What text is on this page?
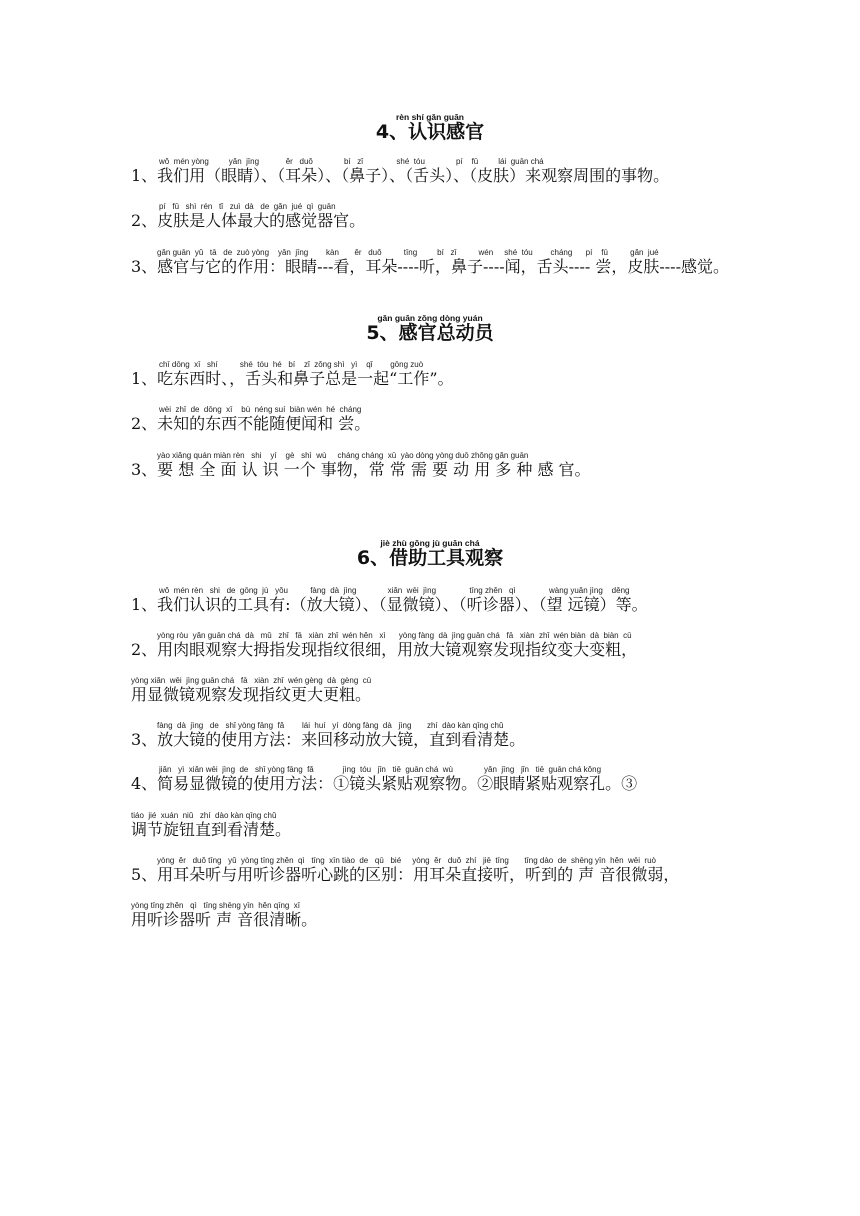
rèn shí gǎn guān
4、认识感官
wǒ  mén yòng         yǎn  jīng            ěr   duǒ              bí   zǐ               shé  tóu              pí    fū         lái  guān chá
1、我们用（眼睛）、（耳朵）、（鼻子）、（舌头）、（皮肤）来观察周围的事物。
pí   fū   shì  rén   tǐ   zuì  dà   de  gǎn  jué  qì  guān
2、皮肤是人体最大的感觉器官。
gǎn guān  yǔ   tā   de  zuò yòng    yǎn  jīng        kàn       ěr   duǒ          tīng         bí   zǐ          wén     shé  tóu        cháng      pí    fū          gǎn  jué
3、感官与它的作用：眼睛---看，耳朵----听，鼻子----闻，舌头---- 尝，皮肤----感觉。
gǎn guān zǒng dòng yuán
5、感官总动员
chī dōng  xī   shí          shé  tóu  hé   bí    zǐ  zǒng shì   yì    qǐ        gōng zuò
1、吃东西时、，舌头和鼻子总是一起“工作”。
wèi  zhī  de  dōng  xī    bù  néng suí  biàn wén  hé  cháng
2、未知的东西不能随便闻和 尝。
yào xiǎng quán miàn rèn   shi    yí    gè   shì  wù     cháng cháng  xū  yào dòng yòng duō zhǒng gǎn guān
3、要 想 全 面 认 识 一个 事物，常 常 需 要 动 用 多 种 感 官。
jiè zhù gōng jù guān chá
6、借助工具观察
wǒ  mén rèn   shi   de  gōng  jù   yǒu          fàng  dà  jìng              xiǎn  wēi  jìng               tīng zhěn   qì               wàng yuǎn jìng    děng
1、我们认识的工具有:（放大镜）、（显微镜）、（听诊器）、（望 远镜）等。
yòng ròu  yǎn guān chá  dà   mǔ   zhǐ   fā   xiàn  zhǐ  wén hěn   xì      yòng fàng  dà  jìng guān chá   fā   xiàn  zhǐ  wén biàn  dà  biàn  cū
2、用肉眼观察大拇指发现指纹很细，用放大镜观察发现指纹变大变粗，
yòng xiǎn  wēi  jìng guān chá   fā   xiàn  zhǐ  wén gèng  dà  gèng  cū
用显微镜观察发现指纹更大更粗。
fàng  dà  jìng   de   shǐ yòng fāng  fǎ        lái  huí   yí  dòng fàng  dà   jìng       zhí  dào kàn qīng chǔ
3、放大镜的使用方法：来回移动放大镜，直到看清楚。
jiǎn   yì  xiǎn wēi  jìng  de   shǐ yòng fāng  fǎ             jìng  tóu   jǐn   tiē  guān chá  wù              yǎn  jīng   jǐn   tiē  guān chá kǒng
4、简易显微镜的使用方法：①镜头紧贴观察物。②眼睛紧贴观察孔。③
tiáo  jié  xuán  niǔ   zhí  dào kàn qīng chǔ
调节旋钮直到看清楚。
yòng  ěr   duǒ tīng   yǔ  yòng tīng zhěn  qì   tīng  xīn tiào  de   qū   bié     yòng  ěr   duǒ  zhí   jiē  tīng       tīng dào  de  shēng yīn  hěn  wēi  ruò
5、用耳朵听与用听诊器听心跳的区别：用耳朵直接听，听到的 声 音很微弱，
yòng tīng zhěn   qì   tīng shēng yīn  hěn qīng  xī
用听诊器听 声 音很清晰。
